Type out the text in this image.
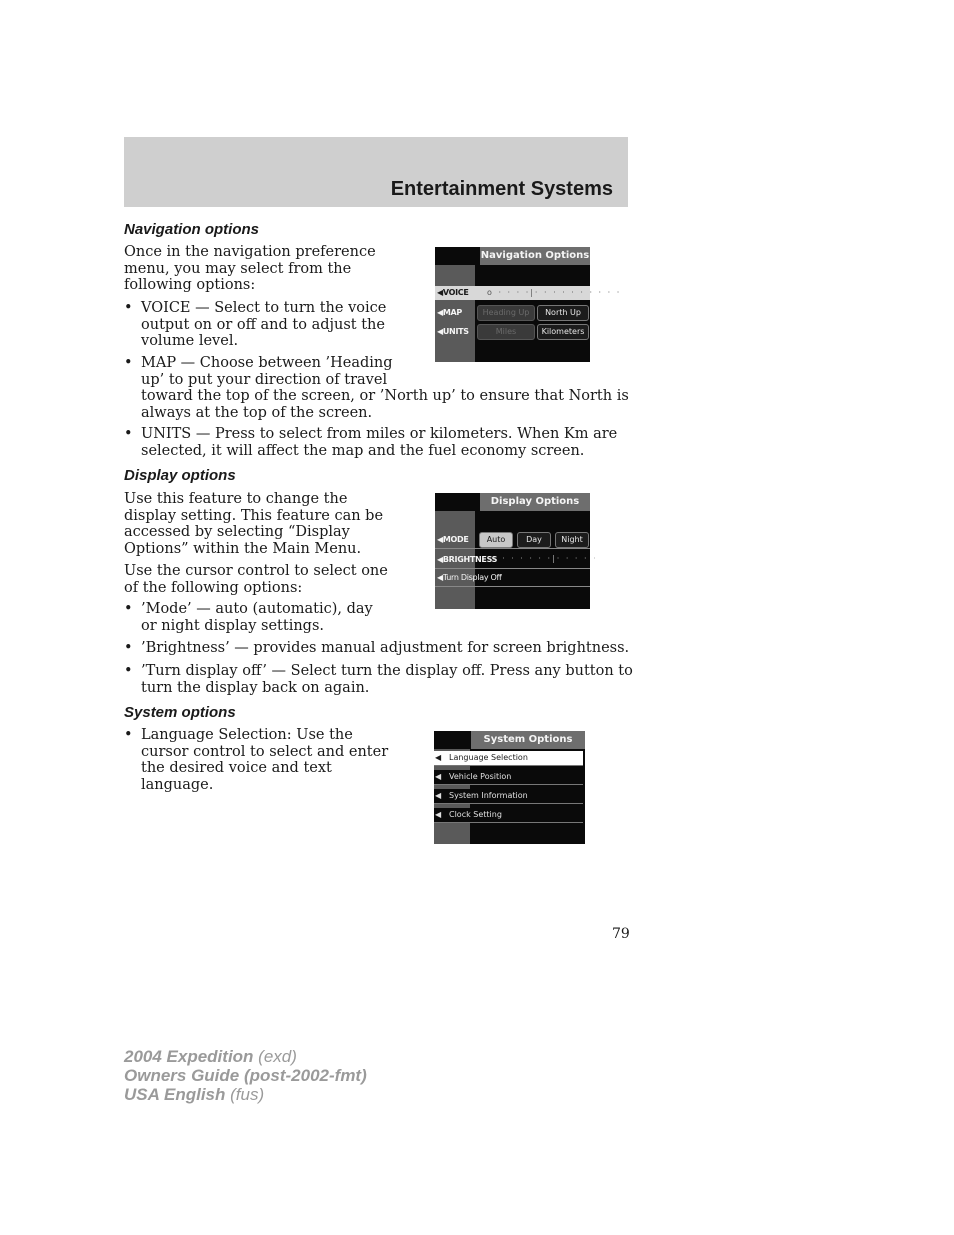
Entertainment Systems
Navigation options
Once in the navigation preference
menu, you may select from the
following options:
• VOICE — Select to turn the voice
output on or off and to adjust the
volume level.
• MAP — Choose between ’Heading
up’ to put your direction of travel
toward the top of the screen, or ’North up’ to ensure that North is
always at the top of the screen.
• UNITS — Press to select from miles or kilometers. When Km are
selected, it will affect the map and the fuel economy screen.
Navigation Options
◀VOICE o · · · ·|· · · · · · · · · ·
◀MAP	Heading Up	North Up
◀UNITS	Miles	Kilometers
Display options
Use this feature to change the
display setting. This feature can be
accessed by selecting “Display
Options” within the Main Menu.
Use the cursor control to select one
of the following options:
• ’Mode’ — auto (automatic), day
or night display settings.
• ’Brightness’ — provides manual adjustment for screen brightness.
• ’Turn display off’ — Select turn the display off. Press any button to
turn the display back on again.
Display Options
◀MODE	Auto	Day	Night
◀BRIGHTNESS
· · · · · · ·|· · · · ·
◀Turn Display Off
System options
• Language Selection: Use the
cursor control to select and enter
the desired voice and text
language.
System Options
◀ Language Selection
◀ Vehicle Position
◀ System Information
◀ Clock Setting
79
2004 Expedition (exd)
Owners Guide (post-2002-fmt)
USA English (fus)
